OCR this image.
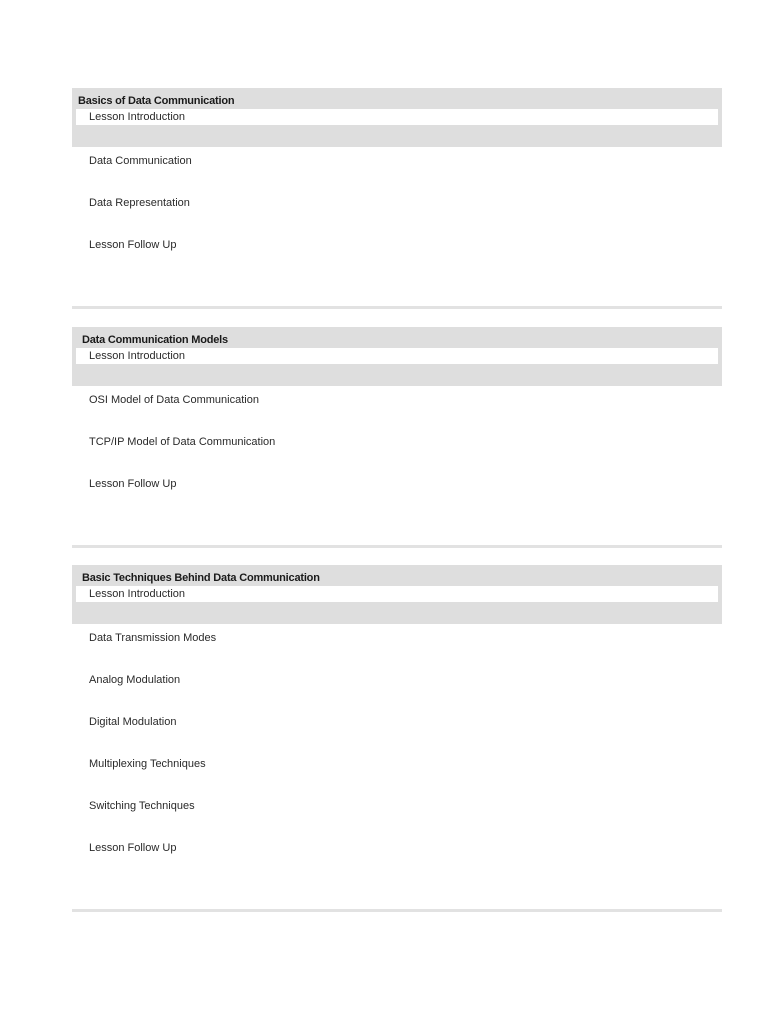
Basics of Data Communication
Lesson Introduction
Data Communication
Data Representation
Lesson Follow Up
Data Communication Models
Lesson Introduction
OSI Model of Data Communication
TCP/IP Model of Data Communication
Lesson Follow Up
Basic Techniques Behind Data Communication
Lesson Introduction
Data Transmission Modes
Analog Modulation
Digital Modulation
Multiplexing Techniques
Switching Techniques
Lesson Follow Up
